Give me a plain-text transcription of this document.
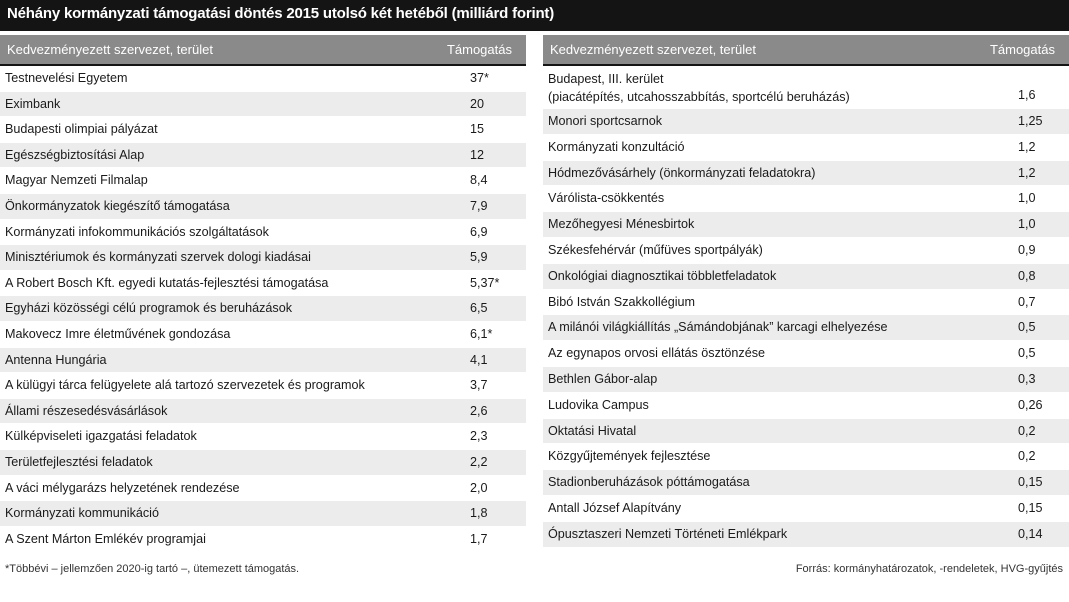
Néhány kormányzati támogatási döntés 2015 utolsó két hetéből (milliárd forint)
Kedvezményezett szervezet, terület	Támogatás
Testnevelési Egyetem	37*
Eximbank	20
Budapesti olimpiai pályázat	15
Egészségbiztosítási Alap	12
Magyar Nemzeti Filmalap	8,4
Önkormányzatok kiegészítő támogatása	7,9
Kormányzati infokommunikációs szolgáltatások	6,9
Minisztériumok és kormányzati szervek dologi kiadásai	5,9
A Robert Bosch Kft. egyedi kutatás-fejlesztési támogatása	5,37*
Egyházi közösségi célú programok és beruházások	6,5
Makovecz Imre életművének gondozása	6,1*
Antenna Hungária	4,1
A külügyi tárca felügyelete alá tartozó szervezetek és programok	3,7
Állami részesedésvásárlások	2,6
Külképviseleti igazgatási feladatok	2,3
Területfejlesztési feladatok	2,2
A váci mélygarázs helyzetének rendezése	2,0
Kormányzati kommunikáció	1,8
A Szent Márton Emlékév programjai	1,7
Kedvezményezett szervezet, terület	Támogatás
Budapest, III. kerület
(piacátépítés, utcahosszabbítás, sportcélú beruházás)	1,6
Monori sportcsarnok	1,25
Kormányzati konzultáció	1,2
Hódmezővásárhely (önkormányzati feladatokra)	1,2
Várólista-csökkentés	1,0
Mezőhegyesi Ménesbirtok	1,0
Székesfehérvár (műfüves sportpályák)	0,9
Onkológiai diagnosztikai többletfeladatok	0,8
Bibó István Szakkollégium	0,7
A milánói világkiállítás „Sámándobjának” karcagi elhelyezése	0,5
Az egynapos orvosi ellátás ösztönzése	0,5
Bethlen Gábor-alap	0,3
Ludovika Campus	0,26
Oktatási Hivatal	0,2
Közgyűjtemények fejlesztése	0,2
Stadionberuházások póttámogatása	0,15
Antall József Alapítvány	0,15
Ópusztaszeri Nemzeti Történeti Emlékpark	0,14
*Többévi – jellemzően 2020-ig tartó –, ütemezett támogatás.	Forrás: kormányhatározatok, -rendeletek, HVG-gyűjtés
